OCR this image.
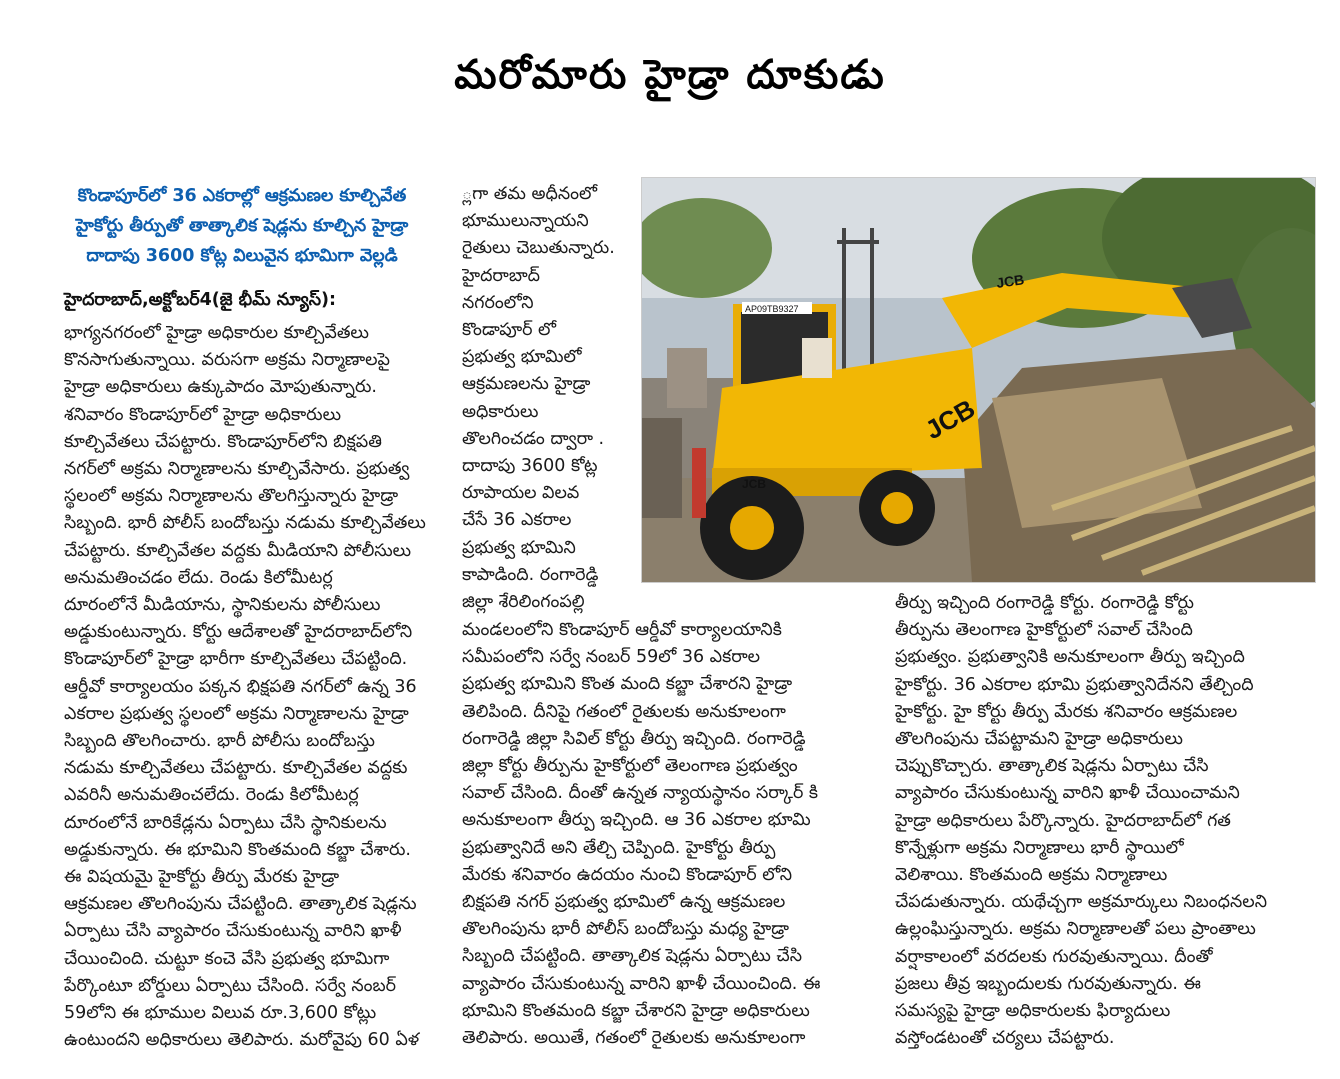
మరోమారు హైడ్రా దూకుడు

కొండాపూర్‌లో 36 ఎకరాల్లో ఆక్రమణల కూల్చివేత

హైకోర్టు తీర్పుతో తాత్కాలిక షెడ్లను కూల్చిన హైడ్రా

దాదాపు 3600 కోట్ల విలువైన భూమిగా వెల్లడి

హైదరాబాద్,అక్టోబర్4(జై భీమ్ న్యూస్):

భాగ్యనగరంలో హైడ్రా అధికారుల కూల్చివేతలు

కొనసాగుతున్నాయి. వరుసగా అక్రమ నిర్మాణాలపై

హైడ్రా అధికారులు ఉక్కుపాదం మోపుతున్నారు.

శనివారం కొండాపూర్‌లో హైడ్రా అధికారులు

కూల్చివేతలు చేపట్టారు. కొండాపూర్‌లోని బిక్షపతి

నగర్‌లో అక్రమ నిర్మాణాలను కూల్చివేసారు. ప్రభుత్వ

స్థలంలో అక్రమ నిర్మాణాలను తొలగిస్తున్నారు హైడ్రా

సిబ్బంది. భారీ పోలీస్ బందోబస్తు నడుమ కూల్చివేతలు

చేపట్టారు. కూల్చివేతల వద్దకు మీడియాని పోలీసులు

అనుమతించడం లేదు. రెండు కిలోమీటర్ల

దూరంలోనే మీడియాను, స్థానికులను పోలీసులు

అడ్డుకుంటున్నారు. కోర్టు ఆదేశాలతో హైదరాబాద్‌లోని

కొండాపూర్‌లో హైడ్రా భారీగా కూల్చివేతలు చేపట్టింది.

ఆర్డీవో కార్యాలయం పక్కన భిక్షపతి నగర్‌లో ఉన్న 36

ఎకరాల ప్రభుత్వ స్థలంలో అక్రమ నిర్మాణాలను హైడ్రా

సిబ్బంది తొలగించారు. భారీ పోలీసు బందోబస్తు

నడుమ కూల్చివేతలు చేపట్టారు. కూల్చివేతల వద్దకు

ఎవరినీ అనుమతించలేదు. రెండు కిలోమీటర్ల

దూరంలోనే బారికేడ్లను ఏర్పాటు చేసి స్థానికులను

అడ్డుకున్నారు. ఈ భూమిని కొంతమంది కబ్జా చేశారు.

ఈ విషయమై హైకోర్టు తీర్పు మేరకు హైడ్రా

ఆక్రమణల తొలగింపును చేపట్టింది. తాత్కాలిక షెడ్లను

ఏర్పాటు చేసి వ్యాపారం చేసుకుంటున్న వారిని ఖాళీ

చేయించింది. చుట్టూ కంచె వేసి ప్రభుత్వ భూమిగా

పేర్కొంటూ బోర్డులు ఏర్పాటు చేసింది. సర్వే నంబర్

59లోని ఈ భూముల విలువ రూ.3,600 కోట్లు

ఉంటుందని అధికారులు తెలిపారు. మరోవైపు 60 ఏళ

్లగా తమ అధీనంలో

భూములున్నాయని

రైతులు చెబుతున్నారు.

హైదరాబాద్

నగరంలోని

కొండాపూర్ లో

ప్రభుత్వ భూమిలో

ఆక్రమణలను హైడ్రా

అధికారులు

తొలగించడం ద్వారా .

దాదాపు 3600 కోట్ల

రూపాయల విలవ

చేసే 36 ఎకరాల

ప్రభుత్వ భూమిని

కాపాడింది. రంగారెడ్డి

జిల్లా శేరిలింగంపల్లి

మండలంలోని కొండాపూర్ ఆర్డీవో కార్యాలయానికి

సమీపంలోని సర్వే నంబర్ 59లో 36 ఎకరాల

ప్రభుత్వ భూమిని కొంత మంది కబ్జా చేశారని హైడ్రా

తెలిపింది. దీనిపై గతంలో రైతులకు అనుకూలంగా

రంగారెడ్డి జిల్లా సివిల్ కోర్టు తీర్పు ఇచ్చింది. రంగారెడ్డి

జిల్లా కోర్టు తీర్పును హైకోర్టులో తెలంగాణ ప్రభుత్వం

సవాల్ చేసింది. దీంతో ఉన్నత న్యాయస్థానం సర్కార్ కి

అనుకూలంగా తీర్పు ఇచ్చింది. ఆ 36 ఎకరాల భూమి

ప్రభుత్వానిదే అని తేల్చి చెప్పింది. హైకోర్టు తీర్పు

మేరకు శనివారం ఉదయం నుంచి కొండాపూర్ లోని

బిక్షపతి నగర్ ప్రభుత్వ భూమిలో ఉన్న ఆక్రమణల

తొలగింపును భారీ పోలీస్ బందోబస్తు మధ్య హైడ్రా

సిబ్బంది చేపట్టింది. తాత్కాలిక షెడ్లను ఏర్పాటు చేసి

వ్యాపారం చేసుకుంటున్న వారిని ఖాళీ చేయించింది. ఈ

భూమిని కొంతమంది కబ్జా చేశారని హైడ్రా అధికారులు

తెలిపారు. అయితే, గతంలో రైతులకు అనుకూలంగా

తీర్పు ఇచ్చింది రంగారెడ్డి కోర్టు. రంగారెడ్డి కోర్టు

తీర్పును తెలంగాణ హైకోర్టులో సవాల్ చేసింది

ప్రభుత్వం. ప్రభుత్వానికి అనుకూలంగా తీర్పు ఇచ్చింది

హైకోర్టు. 36 ఎకరాల భూమి ప్రభుత్వానిదేనని తేల్చింది

హైకోర్టు. హై కోర్టు తీర్పు మేరకు శనివారం ఆక్రమణల

తొలగింపును చేపట్టామని హైడ్రా అధికారులు

చెప్పుకొచ్చారు. తాత్కాలిక షెడ్లను ఏర్పాటు చేసి

వ్యాపారం చేసుకుంటున్న వారిని ఖాళీ చేయించామని

హైడ్రా అధికారులు పేర్కొన్నారు. హైదరాబాద్‌లో గత

కొన్నేళ్లుగా అక్రమ నిర్మాణాలు భారీ స్థాయిలో

వెలిశాయి. కొంతమంది అక్రమ నిర్మాణాలు

చేపడుతున్నారు. యథేచ్చగా అక్రమార్కులు నిబంధనలని

ఉల్లంఘిస్తున్నారు. అక్రమ నిర్మాణాలతో పలు ప్రాంతాలు

వర్షాకాలంలో వరదలకు గురవుతున్నాయి. దీంతో

ప్రజలు తీవ్ర ఇబ్బందులకు గురవుతున్నారు. ఈ

సమస్యపై హైడ్రా అధికారులకు ఫిర్యాదులు

వస్తోండటంతో చర్యలు చేపట్టారు.

JCB
JCB
AP09TB9327
JCB
